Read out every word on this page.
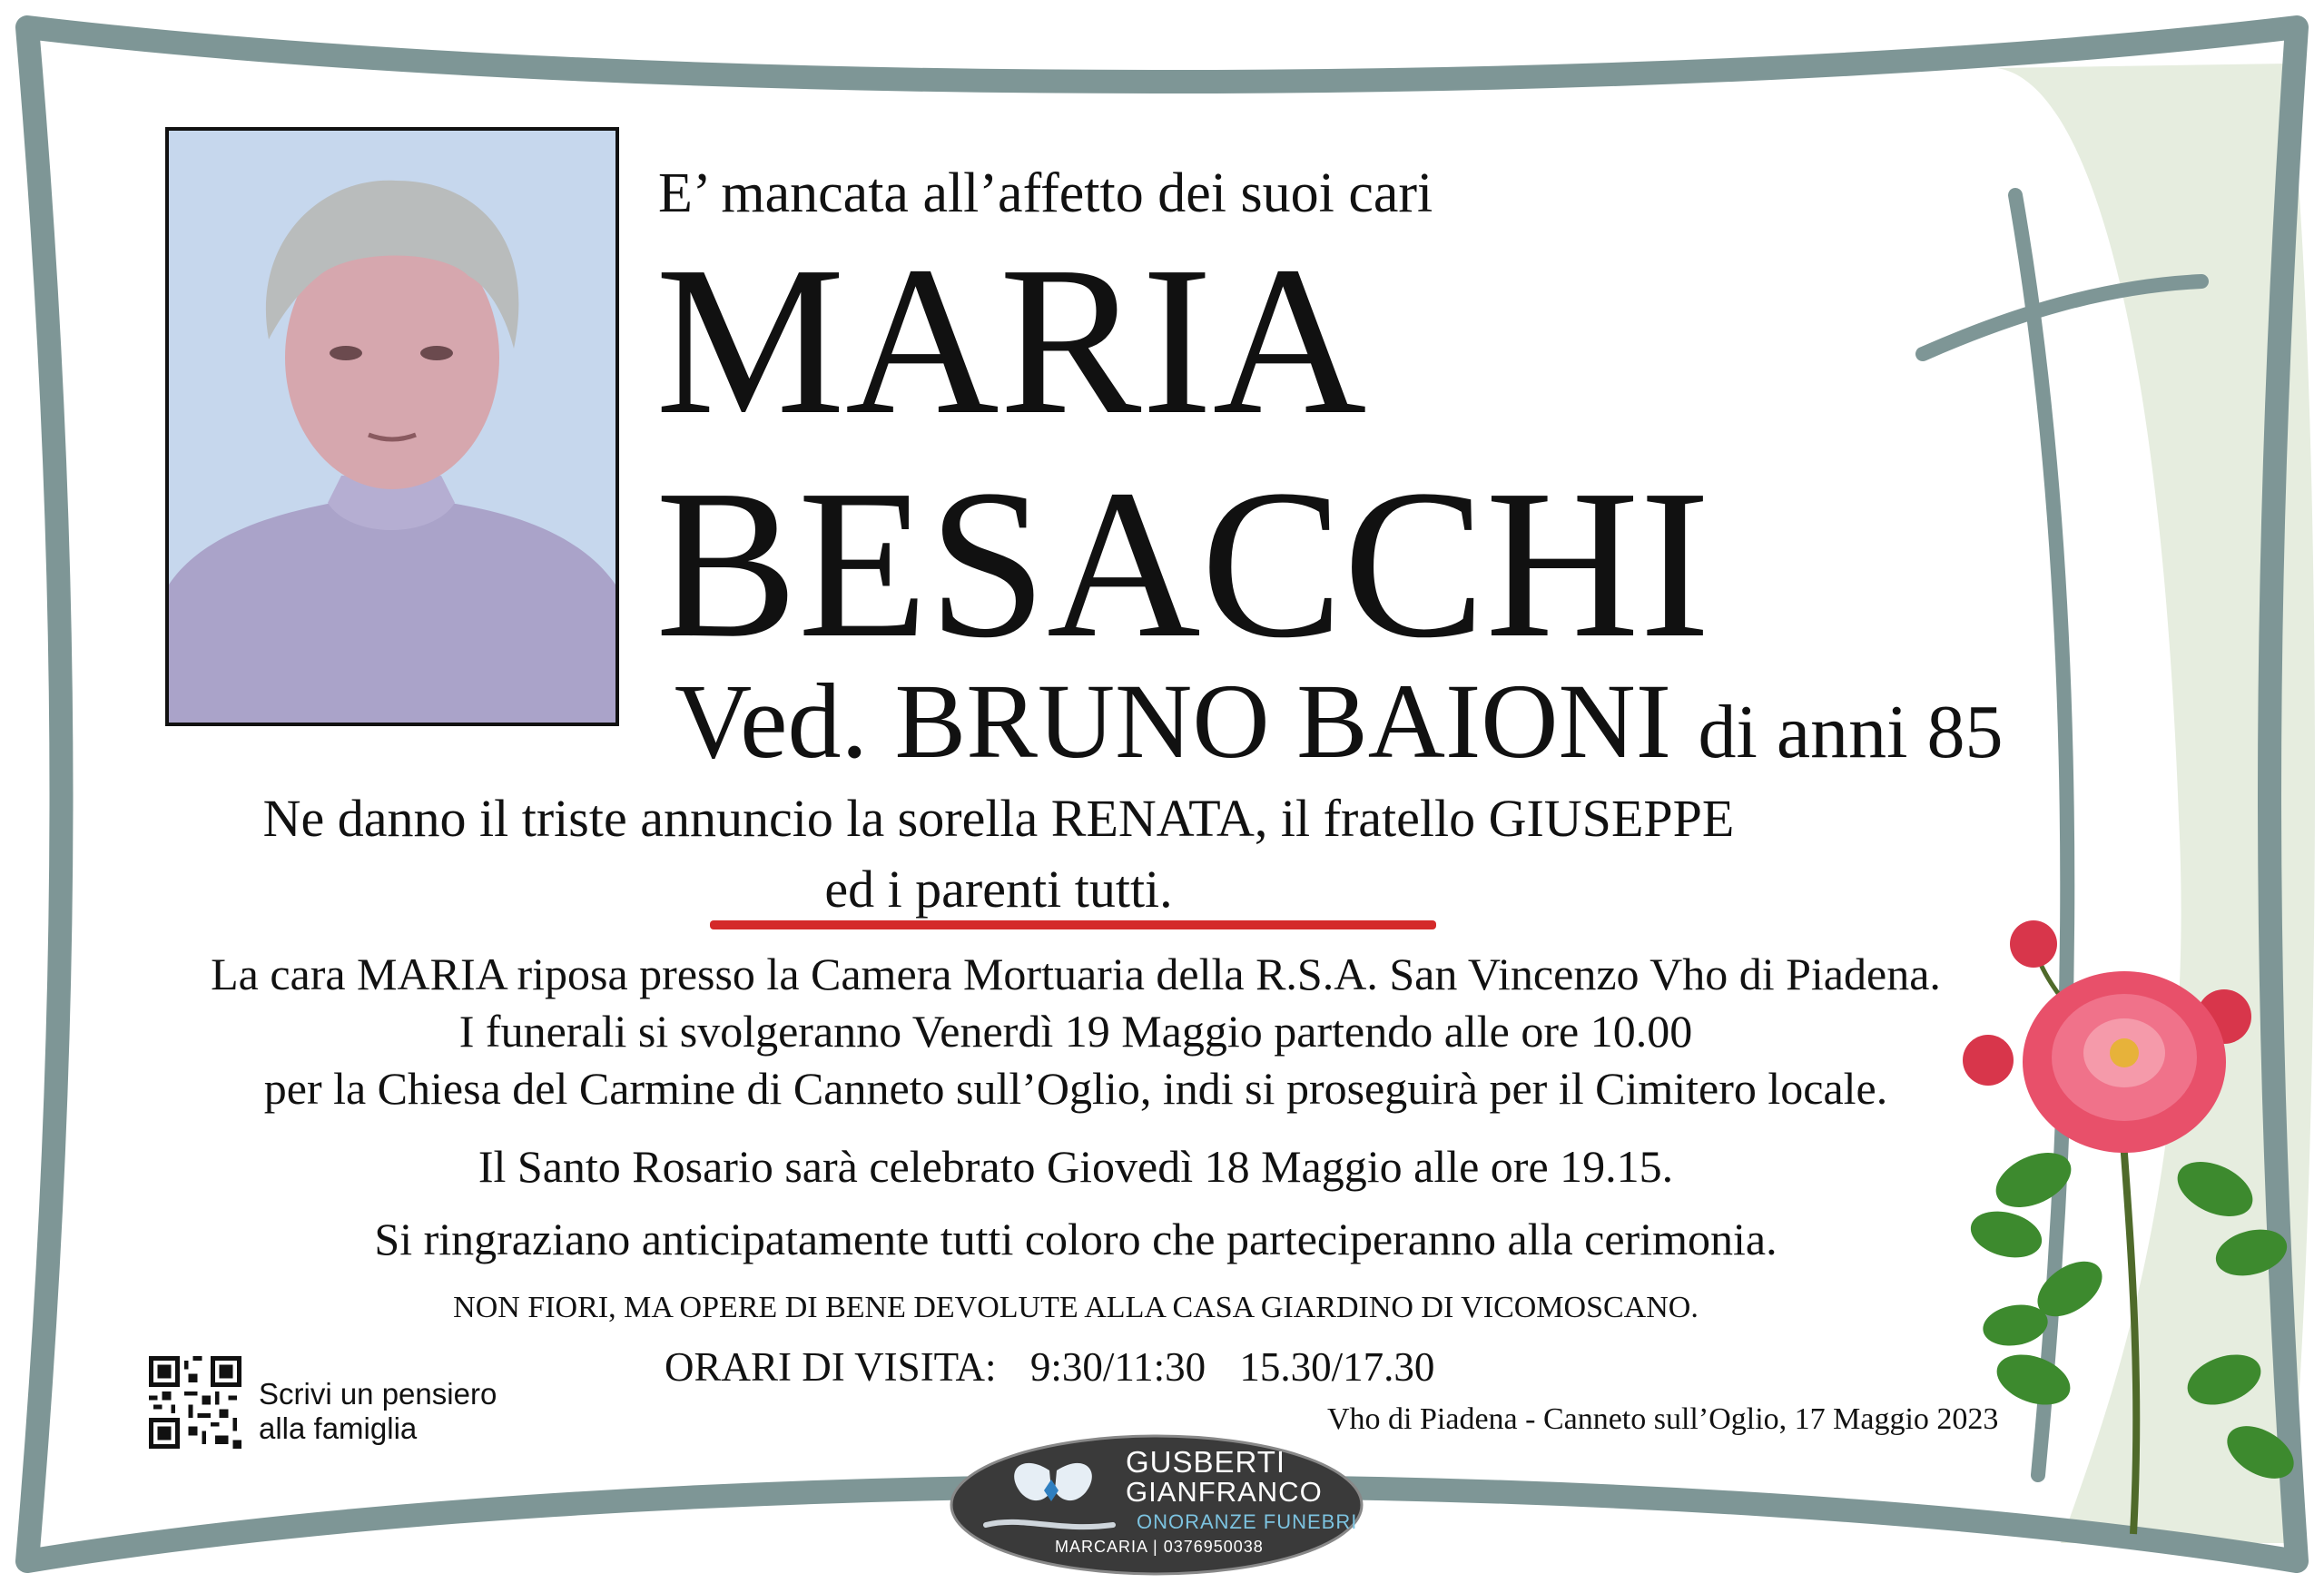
E’ mancata all’affetto dei suoi cari
MARIA
BESACCHI
Ved. BRUNO BAIONI di anni 85
Ne danno il triste annuncio la sorella RENATA, il fratello GIUSEPPE
ed i parenti tutti.
La cara MARIA riposa presso la Camera Mortuaria della R.S.A. San Vincenzo Vho di Piadena.
I funerali si svolgeranno Venerdì 19 Maggio partendo alle ore 10.00
per la Chiesa del Carmine di Canneto sull’Oglio, indi si proseguirà per il Cimitero locale.
Il Santo Rosario sarà celebrato Giovedì 18 Maggio alle ore 19.15.
Si ringraziano anticipatamente tutti coloro che parteciperanno alla cerimonia.
NON FIORI, MA OPERE DI BENE DEVOLUTE ALLA CASA GIARDINO DI VICOMOSCANO.
ORARI DI VISITA: 9:30/11:30 15.30/17.30
Vho di Piadena - Canneto sull’Oglio, 17 Maggio 2023
Scrivi un pensiero
alla famiglia
GUSBERTI
GIANFRANCO
ONORANZE FUNEBRI
MARCARIA | 0376950038
